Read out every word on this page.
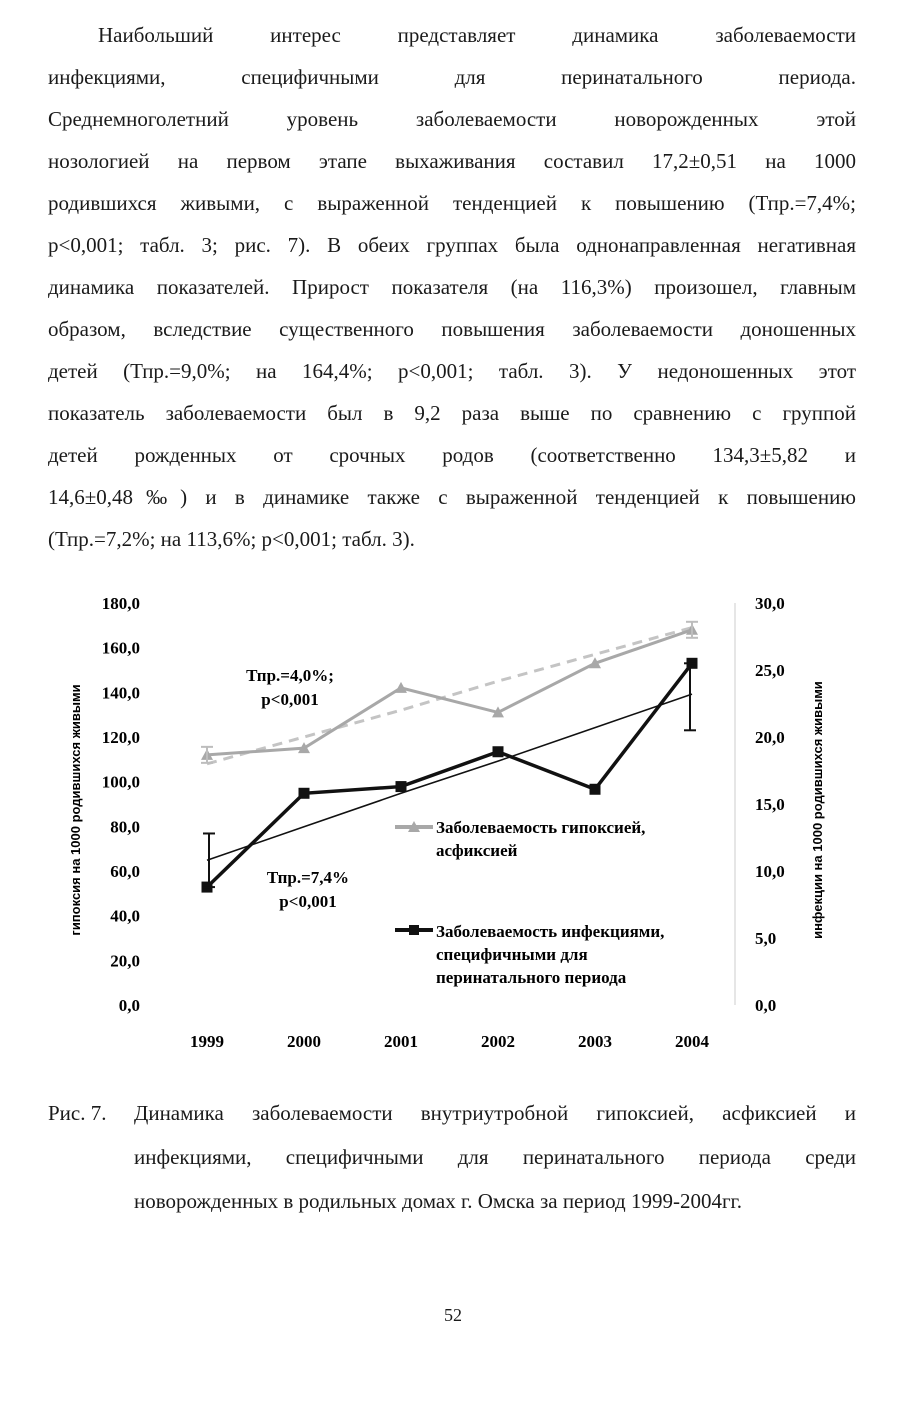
Наибольший интерес представляет динамика заболеваемости
инфекциями, специфичными для перинатального периода.
Среднемноголетний уровень заболеваемости новорожденных этой
нозологией на первом этапе выхаживания составил 17,2±0,51 на 1000
родившихся живыми, с выраженной тенденцией к повышению (Тпр.=7,4%;
p<0,001; табл. 3; рис. 7). В обеих группах была однонаправленная негативная
динамика показателей. Прирост показателя (на 116,3%) произошел, главным
образом, вследствие существенного повышения заболеваемости доношенных
детей (Тпр.=9,0%; на 164,4%; p<0,001; табл. 3). У недоношенных этот
показатель заболеваемости был в 9,2 раза выше по сравнению с группой
детей рожденных от срочных родов (соответственно 134,3±5,82 и
14,6±0,48‰) и в динамике также с выраженной тенденцией к повышению
(Тпр.=7,2%; на 113,6%; p<0,001; табл. 3).
0,0
20,0
40,0
60,0
80,0
100,0
120,0
140,0
160,0
180,0
0,0
5,0
10,0
15,0
20,0
25,0
30,0
1999	2000	2001	2002	2003	2004
гипоксия на 1000 родившихся живыми	инфекции на 1000 родившихся живыми
Тпр.=4,0%;
p<0,001
Тпр.=7,4%
p<0,001
Заболеваемость гипоксией, асфиксией
Заболеваемость инфекциями, специфичными для перинатального периода
Рис. 7. Динамика заболеваемости внутриутробной гипоксией, асфиксией и
инфекциями, специфичными для перинатального периода среди
новорожденных в родильных домах г. Омска за период 1999-2004гг.
52
